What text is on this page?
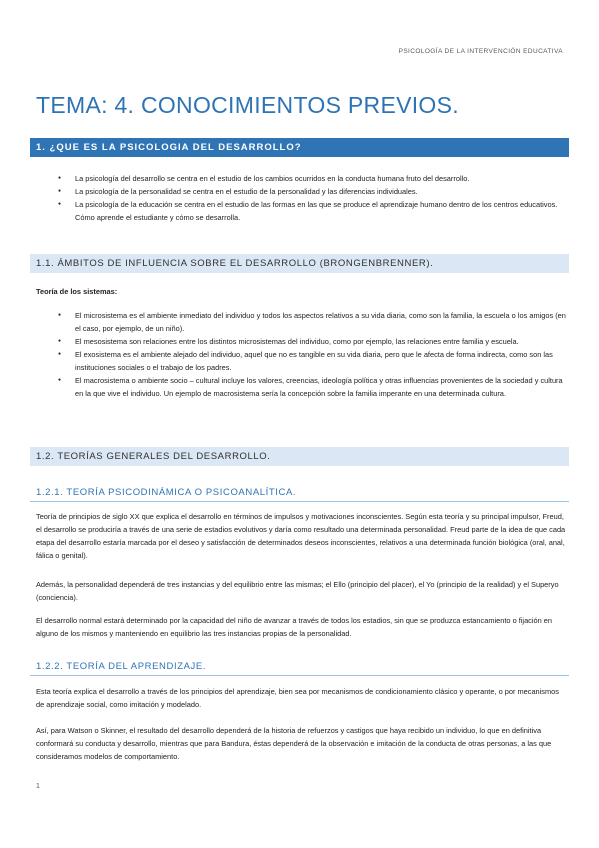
PSICOLOGÍA DE LA INTERVENCIÓN EDUCATIVA
TEMA: 4. CONOCIMIENTOS PREVIOS.
1. ¿QUE ES LA PSICOLOGIA DEL DESARROLLO?
● La psicología del desarrollo se centra en el estudio de los cambios ocurridos en la conducta humana fruto del desarrollo.
● La psicología de la personalidad se centra en el estudio de la personalidad y las diferencias individuales.
● La psicología de la educación se centra en el estudio de las formas en las que se produce el aprendizaje humano dentro de los centros educativos. Cómo aprende el estudiante y cómo se desarrolla.
1.1. ÁMBITOS DE INFLUENCIA SOBRE EL DESARROLLO (BRONGENBRENNER).
Teoría de los sistemas:
● El microsistema es el ambiente inmediato del individuo y todos los aspectos relativos a su vida diaria, como son la familia, la escuela o los amigos (en el caso, por ejemplo, de un niño).
● El mesosistema son relaciones entre los distintos microsistemas del individuo, como por ejemplo, las relaciones entre familia y escuela.
● El exosistema es el ambiente alejado del individuo, aquel que no es tangible en su vida diaria, pero que le afecta de forma indirecta, como son las instituciones sociales o el trabajo de los padres.
● El macrosistema o ambiente socio – cultural incluye los valores, creencias, ideología política y otras influencias provenientes de la sociedad y cultura en la que vive el individuo. Un ejemplo de macrosistema sería la concepción sobre la familia imperante en una determinada cultura.
1.2. TEORÍAS GENERALES DEL DESARROLLO.
1.2.1. TEORÍA PSICODINÁMICA O PSICOANALÍTICA.

Teoría de principios de siglo XX que explica el desarrollo en términos de impulsos y motivaciones inconscientes. Según esta teoría y su principal impulsor, Freud, el desarrollo se produciría a través de una serie de estadios evolutivos y daría como resultado una determinada personalidad. Freud parte de la idea de que cada etapa del desarrollo estaría marcada por el deseo y satisfacción de determinados deseos inconscientes, relativos a una determinada función biológica (oral, anal, fálica o genital).

Además, la personalidad dependerá de tres instancias y del equilibrio entre las mismas; el Ello (principio del placer), el Yo (principio de la realidad) y el Superyo (conciencia).

El desarrollo normal estará determinado por la capacidad del niño de avanzar a través de todos los estadios, sin que se produzca estancamiento o fijación en alguno de los mismos y manteniendo en equilibrio las tres instancias propias de la personalidad.

1.2.2. TEORÍA DEL APRENDIZAJE.

Esta teoría explica el desarrollo a través de los principios del aprendizaje, bien sea por mecanismos de condicionamiento clásico y operante, o por mecanismos de aprendizaje social, como imitación y modelado.

Así, para Watson o Skinner, el resultado del desarrollo dependerá de la historia de refuerzos y castigos que haya recibido un individuo, lo que en definitiva conformará su conducta y desarrollo, mientras que para Bandura, éstas dependerá de la observación e imitación de la conducta de otras personas, a las que consideramos modelos de comportamiento.

1
